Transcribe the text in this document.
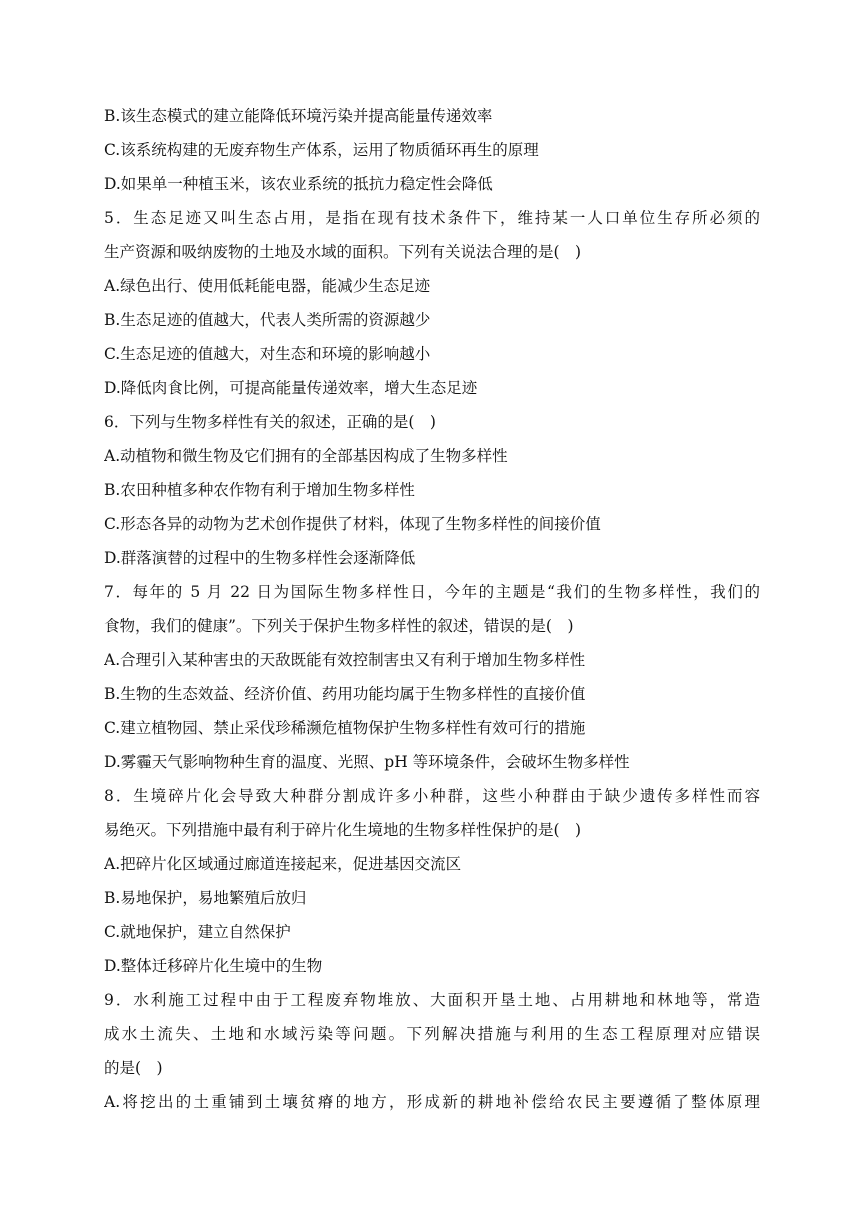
B.该生态模式的建立能降低环境污染并提高能量传递效率
C.该系统构建的无废弃物生产体系，运用了物质循环再生的原理
D.如果单一种植玉米，该农业系统的抵抗力稳定性会降低
5．生态足迹又叫生态占用，是指在现有技术条件下，维持某一人口单位生存所必须的
生产资源和吸纳废物的土地及水域的面积。下列有关说法合理的是(　)
A.绿色出行、使用低耗能电器，能减少生态足迹
B.生态足迹的值越大，代表人类所需的资源越少
C.生态足迹的值越大，对生态和环境的影响越小
D.降低肉食比例，可提高能量传递效率，增大生态足迹
6．下列与生物多样性有关的叙述，正确的是(　)
A.动植物和微生物及它们拥有的全部基因构成了生物多样性
B.农田种植多种农作物有利于增加生物多样性
C.形态各异的动物为艺术创作提供了材料，体现了生物多样性的间接价值
D.群落演替的过程中的生物多样性会逐渐降低
7．每年的 5 月 22 日为国际生物多样性日，今年的主题是“我们的生物多样性，我们的
食物，我们的健康”。下列关于保护生物多样性的叙述，错误的是(　)
A.合理引入某种害虫的天敌既能有效控制害虫又有利于增加生物多样性
B.生物的生态效益、经济价值、药用功能均属于生物多样性的直接价值
C.建立植物园、禁止采伐珍稀濒危植物保护生物多样性有效可行的措施
D.雾霾天气影响物种生育的温度、光照、pH 等环境条件，会破坏生物多样性
8．生境碎片化会导致大种群分割成许多小种群，这些小种群由于缺少遗传多样性而容
易绝灭。下列措施中最有利于碎片化生境地的生物多样性保护的是(　)
A.把碎片化区域通过廊道连接起来，促进基因交流区
B.易地保护，易地繁殖后放归
C.就地保护，建立自然保护
D.整体迁移碎片化生境中的生物
9．水利施工过程中由于工程废弃物堆放、大面积开垦土地、占用耕地和林地等，常造
成水土流失、土地和水域污染等问题。下列解决措施与利用的生态工程原理对应错误
的是(　)
A.将挖出的土重铺到土壤贫瘠的地方，形成新的耕地补偿给农民主要遵循了整体原理
